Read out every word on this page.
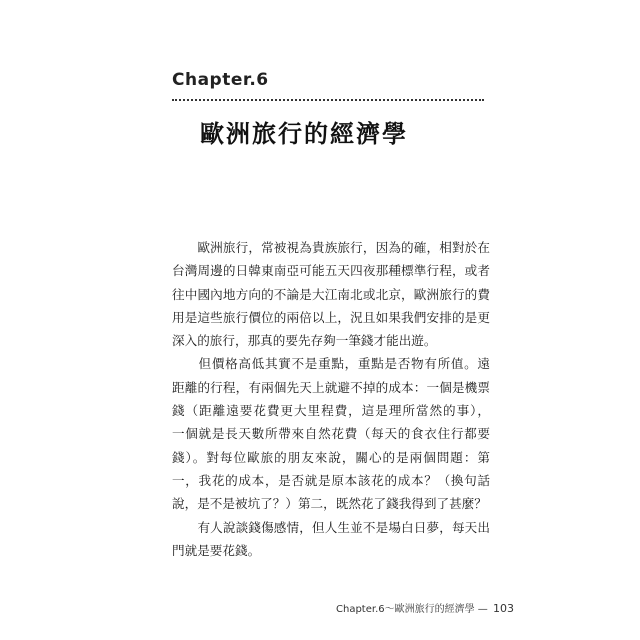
Chapter.6
歐洲旅行的經濟學
　　歐洲旅行，常被視為貴族旅行，因為的確，相對於在
台灣周邊的日韓東南亞可能五天四夜那種標準行程，或者
往中國內地方向的不論是大江南北或北京，歐洲旅行的費
用是這些旅行價位的兩倍以上，況且如果我們安排的是更
深入的旅行，那真的要先存夠一筆錢才能出遊。
　　但價格高低其實不是重點，重點是否物有所值。遠
距離的行程，有兩個先天上就避不掉的成本：一個是機票
錢（距離遠要花費更大里程費，這是理所當然的事），
一個就是長天數所帶來自然花費（每天的食衣住行都要
錢）。對每位歐旅的朋友來說，關心的是兩個問題：第
一，我花的成本，是否就是原本該花的成本？（換句話
說，是不是被坑了？）第二，既然花了錢我得到了甚麼？
　　有人說談錢傷感情，但人生並不是場白日夢，每天出
門就是要花錢。
Chapter.6～歐洲旅行的經濟學 — 103
